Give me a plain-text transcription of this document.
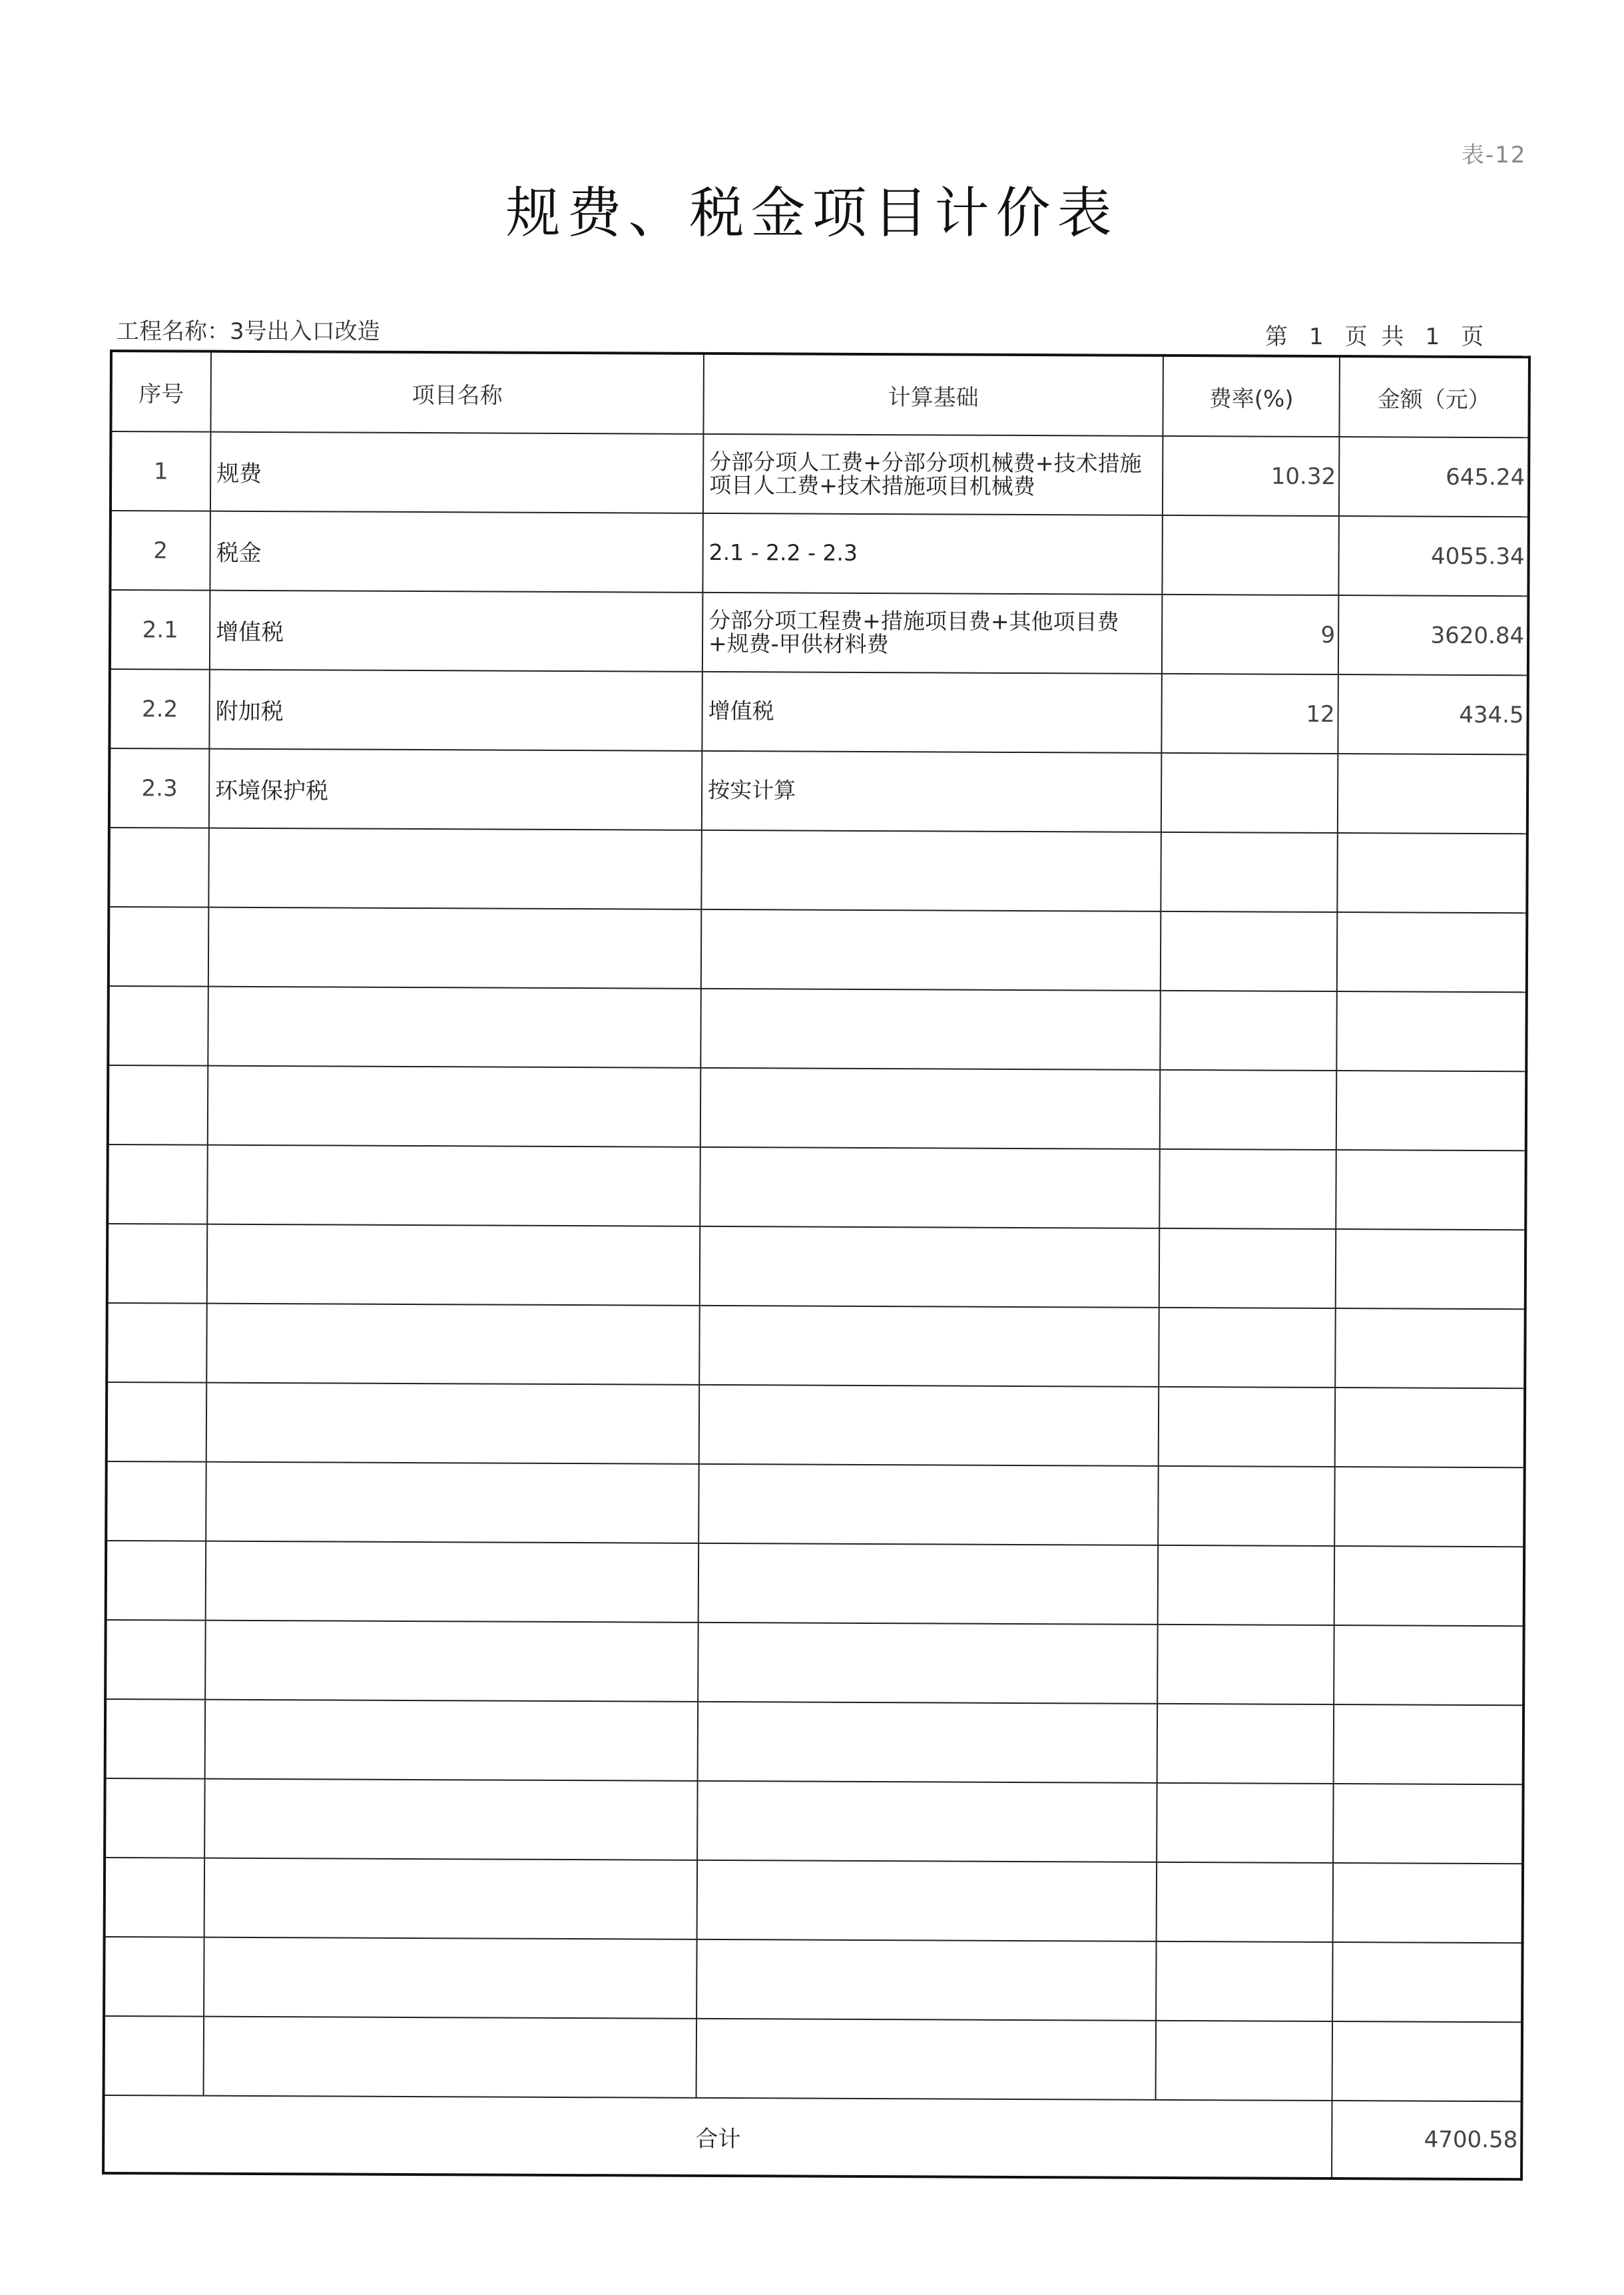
表-12
规费、税金项目计价表
工程名称：3号出入口改造	第 1 页 共 1 页
序号	项目名称	计算基础	费率(%)	金额（元）
1	规费	分部分项人工费+分部分项机械费+技术措施项目人工费+技术措施项目机械费	10.32	645.24
2	税金	2.1 - 2.2 - 2.3		4055.34
2.1	增值税	分部分项工程费+措施项目费+其他项目费+规费-甲供材料费	9	3620.84
2.2	附加税	增值税	12	434.5
2.3	环境保护税	按实计算		

合计				4700.58
